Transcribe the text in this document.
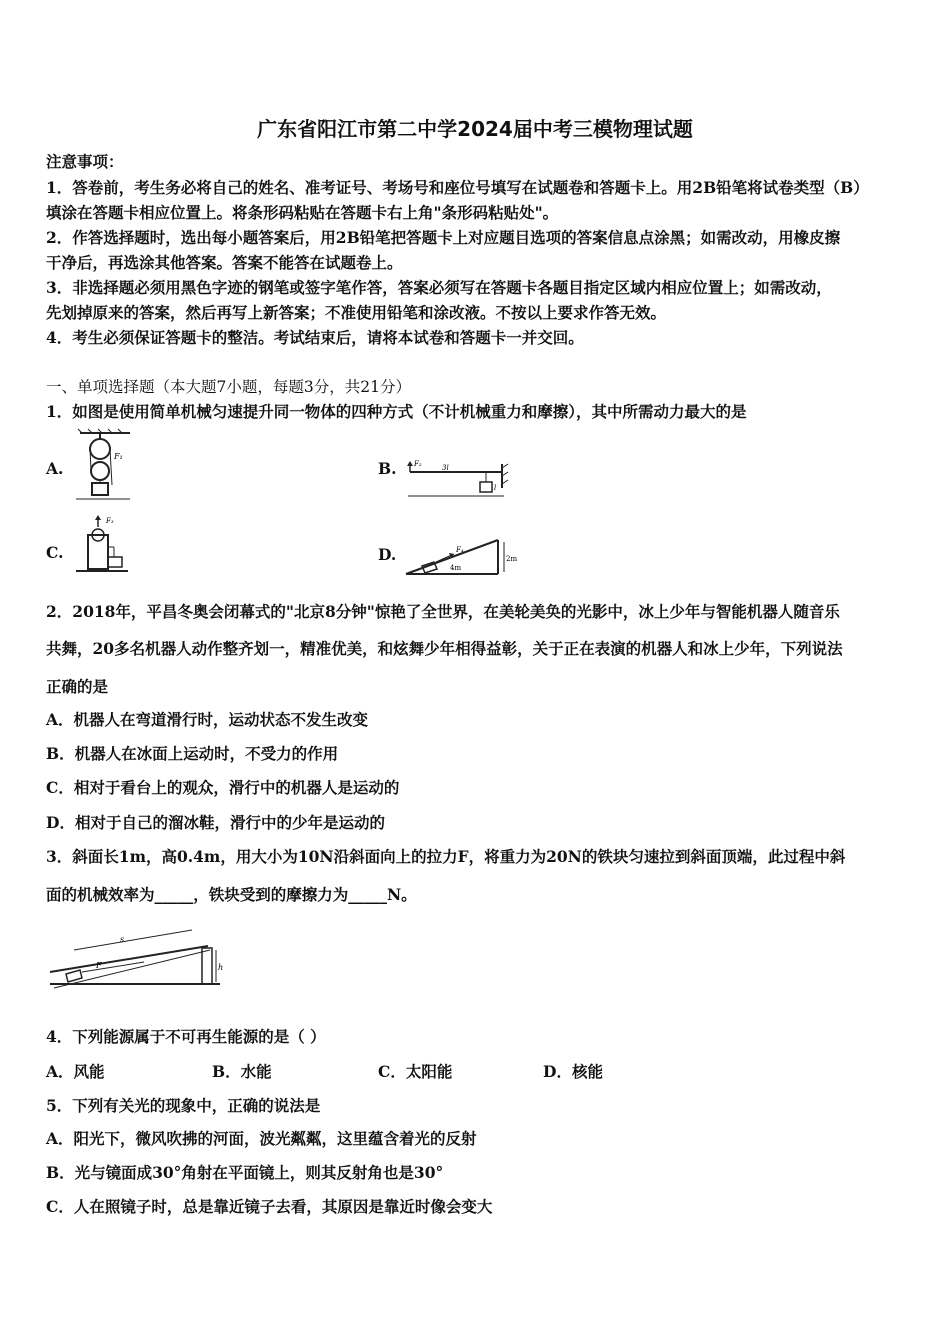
广东省阳江市第二中学2024届中考三模物理试题
注意事项：
1．答卷前，考生务必将自己的姓名、准考证号、考场号和座位号填写在试题卷和答题卡上。用2B铅笔将试卷类型（B）
填涂在答题卡相应位置上。将条形码粘贴在答题卡右上角"条形码粘贴处"。
2．作答选择题时，选出每小题答案后，用2B铅笔把答题卡上对应题目选项的答案信息点涂黑；如需改动，用橡皮擦
干净后，再选涂其他答案。答案不能答在试题卷上。
3．非选择题必须用黑色字迹的钢笔或签字笔作答，答案必须写在答题卡各题目指定区域内相应位置上；如需改动，
先划掉原来的答案，然后再写上新答案；不准使用铅笔和涂改液。不按以上要求作答无效。
4．考生必须保证答题卡的整洁。考试结束后，请将本试卷和答题卡一并交回。
一、单项选择题（本大题7小题，每题3分，共21分）
1．如图是使用简单机械匀速提升同一物体的四种方式（不计机械重力和摩擦），其中所需动力最大的是
A.
F₁
B.	F₂	3l
l
C.
F₃
D.	F₄
4m
2m
2．2018年，平昌冬奥会闭幕式的"北京8分钟"惊艳了全世界，在美轮美奂的光影中，冰上少年与智能机器人随音乐
共舞，20多名机器人动作整齐划一，精准优美，和炫舞少年相得益彰，关于正在表演的机器人和冰上少年，下列说法
正确的是
A．机器人在弯道滑行时，运动状态不发生改变
B．机器人在冰面上运动时，不受力的作用
C．相对于看台上的观众，滑行中的机器人是运动的
D．相对于自己的溜冰鞋，滑行中的少年是运动的
3．斜面长1m，高0.4m，用大小为10N沿斜面向上的拉力F，将重力为20N的铁块匀速拉到斜面顶端，此过程中斜
面的机械效率为_____，铁块受到的摩擦力为_____N。
s
F	h
4．下列能源属于不可再生能源的是（ ）
A．风能	B．水能	C．太阳能	D．核能
5．下列有关光的现象中，正确的说法是
A．阳光下，微风吹拂的河面，波光粼粼，这里蕴含着光的反射
B．光与镜面成30°角射在平面镜上，则其反射角也是30°
C．人在照镜子时，总是靠近镜子去看，其原因是靠近时像会变大
